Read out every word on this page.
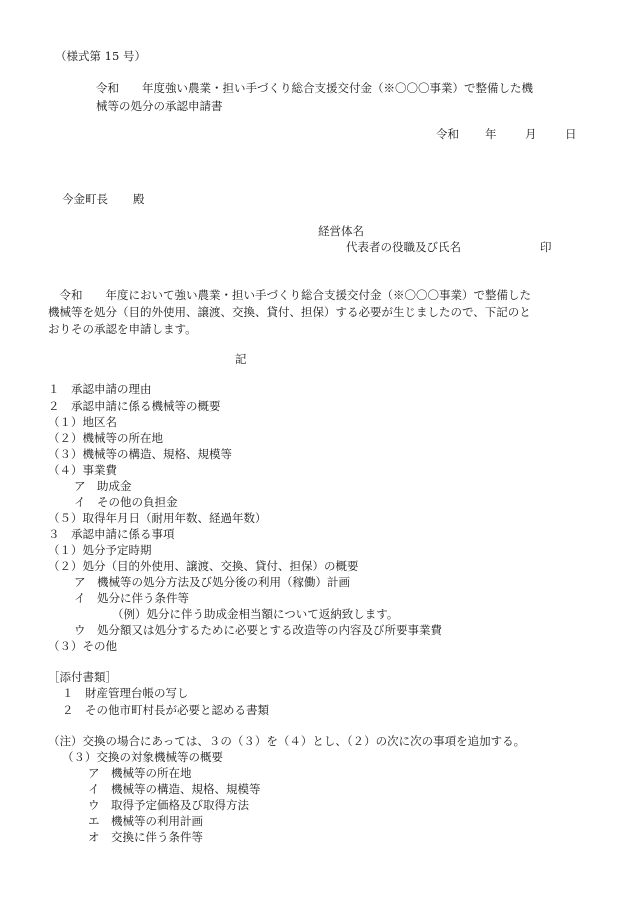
（様式第 15 号）
令和　　年度強い農業・担い手づくり総合支援交付金（※〇〇〇事業）で整備した機
械等の処分の承認申請書
令和 年 月 日
今金町長 殿
経営体名
代表者の役職及び氏名	印
　令和　　年度において強い農業・担い手づくり総合支援交付金（※〇〇〇事業）で整備した
機械等を処分（目的外使用、譲渡、交換、貸付、担保）する必要が生じましたので、下記のと
おりその承認を申請します。
記
１　承認申請の理由
２　承認申請に係る機械等の概要
（１）地区名
（２）機械等の所在地
（３）機械等の構造、規格、規模等
（４）事業費
ア　助成金
イ　その他の負担金
（５）取得年月日（耐用年数、経過年数）
３　承認申請に係る事項
（１）処分予定時期
（２）処分（目的外使用、譲渡、交換、貸付、担保）の概要
ア　機械等の処分方法及び処分後の利用（稼働）計画
イ　処分に伴う条件等
（例）処分に伴う助成金相当額について返納致します。
ウ　処分額又は処分するために必要とする改造等の内容及び所要事業費
（３）その他
［添付書類］
１　財産管理台帳の写し
２　その他市町村長が必要と認める書類
（注）交換の場合にあっては、３の（３）を（４）とし、（２）の次に次の事項を追加する。
（３）交換の対象機械等の概要
ア　機械等の所在地
イ　機械等の構造、規格、規模等
ウ　取得予定価格及び取得方法
エ　機械等の利用計画
オ　交換に伴う条件等
